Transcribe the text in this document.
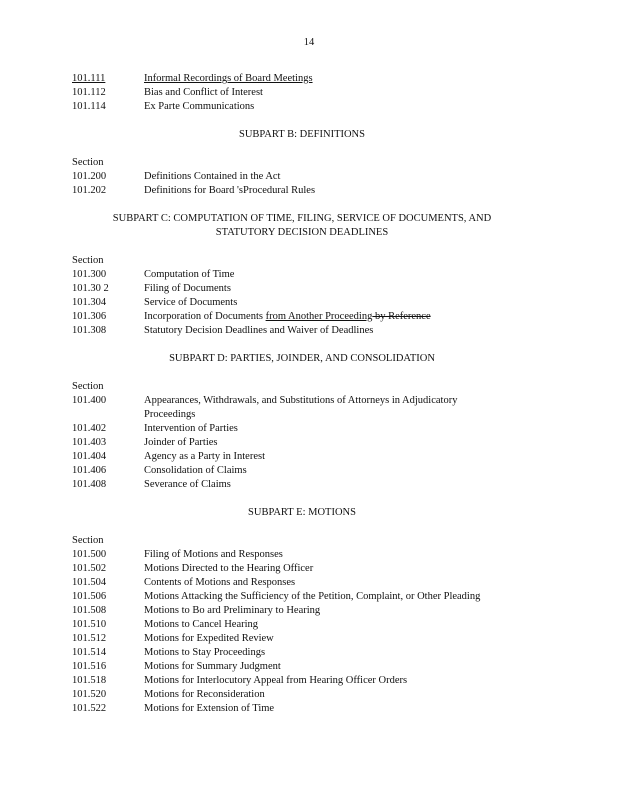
14
101.111	Informal Recordings of Board Meetings
101.112	Bias and Conflict of Interest
101.114	Ex Parte Communications
SUBPART B: DEFINITIONS
Section
101.200	Definitions Contained in the Act
101.202	Definitions for Board 'sProcedural Rules
SUBPART C: COMPUTATION OF TIME, FILING, SERVICE OF DOCUMENTS, AND
STATUTORY DECISION DEADLINES
Section
101.300	Computation of Time
101.30 2	Filing of Documents
101.304	Service of Documents
101.306	Incorporation of Documents from Another Proceeding by Reference
101.308	Statutory Decision Deadlines and Waiver of Deadlines
SUBPART D: PARTIES, JOINDER, AND CONSOLIDATION
Section
101.400	Appearances, Withdrawals, and Substitutions of Attorneys in Adjudicatory
Proceedings
101.402	Intervention of Parties
101.403	Joinder of Parties
101.404	Agency as a Party in Interest
101.406	Consolidation of Claims
101.408	Severance of Claims
SUBPART E: MOTIONS
Section
101.500	Filing of Motions and Responses
101.502	Motions Directed to the Hearing Officer
101.504	Contents of Motions and Responses
101.506	Motions Attacking the Sufficiency of the Petition, Complaint, or Other Pleading
101.508	Motions to Bo ard Preliminary to Hearing
101.510	Motions to Cancel Hearing
101.512	Motions for Expedited Review
101.514	Motions to Stay Proceedings
101.516	Motions for Summary Judgment
101.518	Motions for Interlocutory Appeal from Hearing Officer Orders
101.520	Motions for Reconsideration
101.522	Motions for Extension of Time
